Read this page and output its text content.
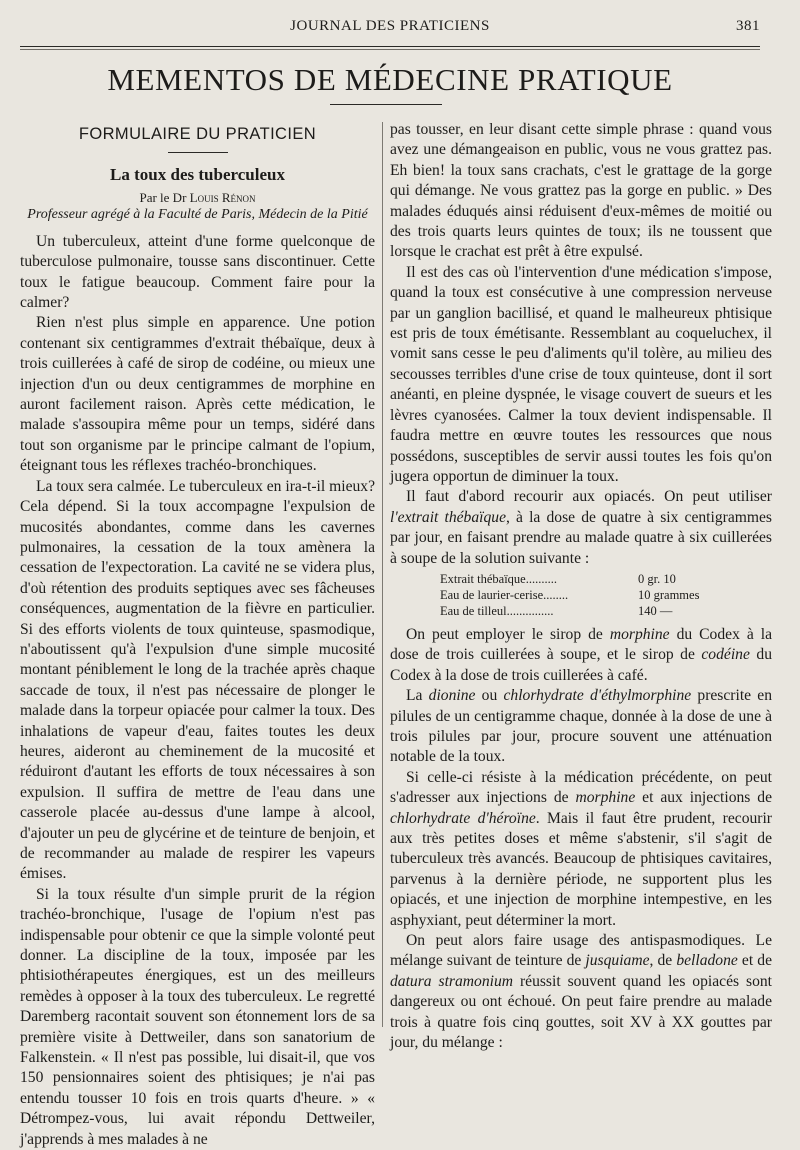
JOURNAL DES PRATICIENS	381
MEMENTOS DE MÉDECINE PRATIQUE
FORMULAIRE DU PRATICIEN
La toux des tuberculeux
Par le Dr Louis Rénon
Professeur agrégé à la Faculté de Paris, Médecin de la Pitié

Un tuberculeux, atteint d'une forme quelconque de tuberculose pulmonaire, tousse sans discontinuer. Cette toux le fatigue beaucoup. Comment faire pour la calmer?

Rien n'est plus simple en apparence. Une potion contenant six centigrammes d'extrait thébaïque, deux à trois cuillerées à café de sirop de codéine, ou mieux une injection d'un ou deux centigrammes de morphine en auront facilement raison. Après cette médication, le malade s'assoupira même pour un temps, sidéré dans tout son organisme par le principe calmant de l'opium, éteignant tous les réflexes trachéo-bronchiques.

La toux sera calmée. Le tuberculeux en ira-t-il mieux? Cela dépend. Si la toux accompagne l'expulsion de mucosités abondantes, comme dans les cavernes pulmonaires, la cessation de la toux amènera la cessation de l'expectoration. La cavité ne se videra plus, d'où rétention des produits septiques avec ses fâcheuses conséquences, augmentation de la fièvre en particulier. Si des efforts violents de toux quinteuse, spasmodique, n'aboutissent qu'à l'expulsion d'une simple mucosité montant péniblement le long de la trachée après chaque saccade de toux, il n'est pas nécessaire de plonger le malade dans la torpeur opiacée pour calmer la toux. Des inhalations de vapeur d'eau, faites toutes les deux heures, aideront au cheminement de la mucosité et réduiront d'autant les efforts de toux nécessaires à son expulsion. Il suffira de mettre de l'eau dans une casserole placée au-dessus d'une lampe à alcool, d'ajouter un peu de glycérine et de teinture de benjoin, et de recommander au malade de respirer les vapeurs émises.

Si la toux résulte d'un simple prurit de la région trachéo-bronchique, l'usage de l'opium n'est pas indispensable pour obtenir ce que la simple volonté peut donner. La discipline de la toux, imposée par les phtisiothérapeutes énergiques, est un des meilleurs remèdes à opposer à la toux des tuberculeux. Le regretté Daremberg racontait souvent son étonnement lors de sa première visite à Dettweiler, dans son sanatorium de Falkenstein. « Il n'est pas possible, lui disait-il, que vos 150 pensionnaires soient des phtisiques; je n'ai pas entendu tousser 10 fois en trois quarts d'heure. » « Détrompez-vous, lui avait répondu Dettweiler, j'apprends à mes malades à ne

pas tousser, en leur disant cette simple phrase : quand vous avez une démangeaison en public, vous ne vous grattez pas. Eh bien! la toux sans crachats, c'est le grattage de la gorge qui démange. Ne vous grattez pas la gorge en public. » Des malades éduqués ainsi réduisent d'eux-mêmes de moitié ou des trois quarts leurs quintes de toux; ils ne toussent que lorsque le crachat est prêt à être expulsé.

Il est des cas où l'intervention d'une médication s'impose, quand la toux est consécutive à une compression nerveuse par un ganglion bacillisé, et quand le malheureux phtisique est pris de toux émétisante. Ressemblant au coqueluchex, il vomit sans cesse le peu d'aliments qu'il tolère, au milieu des secousses terribles d'une crise de toux quinteuse, dont il sort anéanti, en pleine dyspnée, le visage couvert de sueurs et les lèvres cyanosées. Calmer la toux devient indispensable. Il faudra mettre en œuvre toutes les ressources que nous possédons, susceptibles de servir aussi toutes les fois qu'on jugera opportun de diminuer la toux.

Il faut d'abord recourir aux opiacés. On peut utiliser l'extrait thébaïque, à la dose de quatre à six centigrammes par jour, en faisant prendre au malade quatre à six cuillerées à soupe de la solution suivante :

Extrait thébaïque..........	0 gr. 10
Eau de laurier-cerise........	10 grammes
Eau de tilleul...............	140 —

On peut employer le sirop de morphine du Codex à la dose de trois cuillerées à soupe, et le sirop de codéine du Codex à la dose de trois cuillerées à café.

La dionine ou chlorhydrate d'éthylmorphine prescrite en pilules de un centigramme chaque, donnée à la dose de une à trois pilules par jour, procure souvent une atténuation notable de la toux.

Si celle-ci résiste à la médication précédente, on peut s'adresser aux injections de morphine et aux injections de chlorhydrate d'héroïne. Mais il faut être prudent, recourir aux très petites doses et même s'abstenir, s'il s'agit de tuberculeux très avancés. Beaucoup de phtisiques cavitaires, parvenus à la dernière période, ne supportent plus les opiacés, et une injection de morphine intempestive, en les asphyxiant, peut déterminer la mort.

On peut alors faire usage des antispasmodiques. Le mélange suivant de teinture de jusquiame, de belladone et de datura stramonium réussit souvent quand les opiacés sont dangereux ou ont échoué. On peut faire prendre au malade trois à quatre fois cinq gouttes, soit XV à XX gouttes par jour, du mélange :
